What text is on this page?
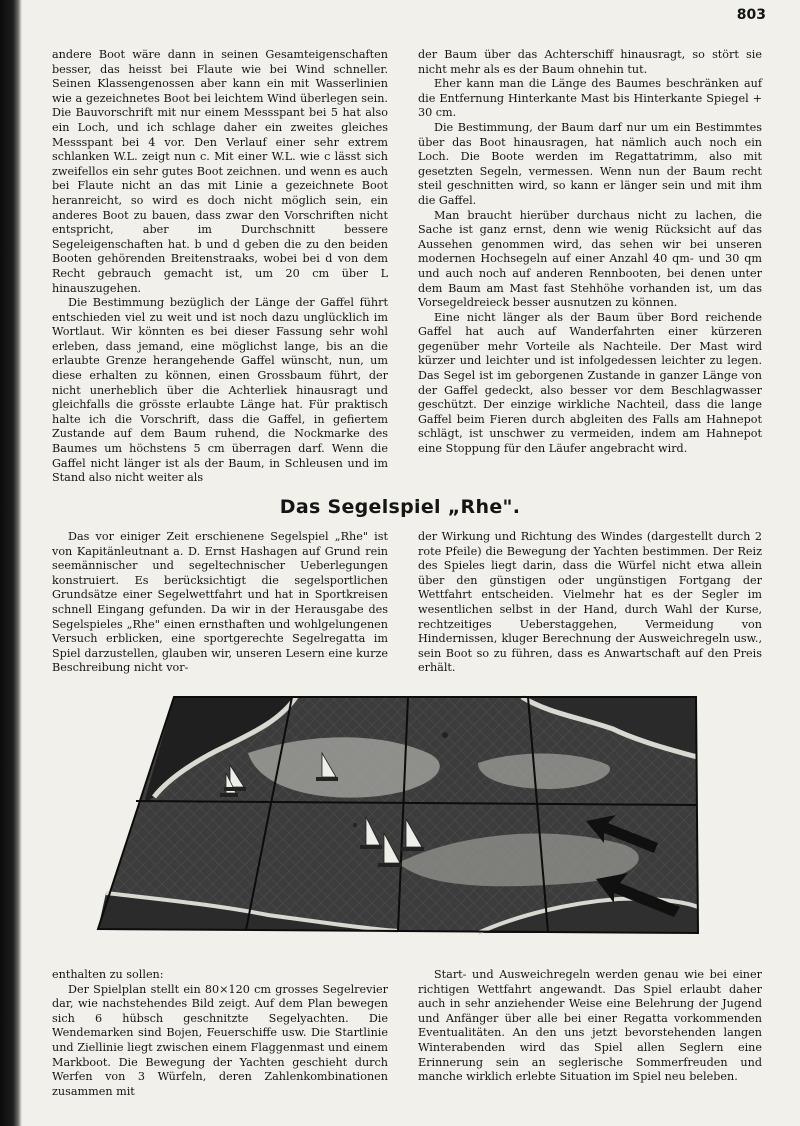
803

andere Boot wäre dann in seinen Gesamteigenschaften besser, das heisst bei Flaute wie bei Wind schneller. Seinen Klassengenossen aber kann ein mit Wasserlinien wie a gezeichnetes Boot bei leichtem Wind überlegen sein. Die Bauvorschrift mit nur einem Messspant bei 5 hat also ein Loch, und ich schlage daher ein zweites gleiches Messspant bei 4 vor. Den Verlauf einer sehr extrem schlanken W.L. zeigt nun c. Mit einer W.L. wie c lässt sich zweifellos ein sehr gutes Boot zeichnen. und wenn es auch bei Flaute nicht an das mit Linie a gezeichnete Boot heranreicht, so wird es doch nicht möglich sein, ein anderes Boot zu bauen, dass zwar den Vorschriften nicht entspricht, aber im Durchschnitt bessere Segeleigenschaften hat. b und d geben die zu den beiden Booten gehörenden Breitenstraaks, wobei bei d von dem Recht gebrauch gemacht ist, um 20 cm über L hinauszugehen.

Die Bestimmung bezüglich der Länge der Gaffel führt entschieden viel zu weit und ist noch dazu unglücklich im Wortlaut. Wir könnten es bei dieser Fassung sehr wohl erleben, dass jemand, eine möglichst lange, bis an die erlaubte Grenze herangehende Gaffel wünscht, nun, um diese erhalten zu können, einen Grossbaum führt, der nicht unerheblich über die Achterliek hinausragt und gleichfalls die grösste erlaubte Länge hat. Für praktisch halte ich die Vorschrift, dass die Gaffel, in gefiertem Zustande auf dem Baum ruhend, die Nockmarke des Baumes um höchstens 5 cm überragen darf. Wenn die Gaffel nicht länger ist als der Baum, in Schleusen und im Stand also nicht weiter als

der Baum über das Achterschiff hinausragt, so stört sie nicht mehr als es der Baum ohnehin tut.

Eher kann man die Länge des Baumes beschränken auf die Entfernung Hinterkante Mast bis Hinterkante Spiegel + 30 cm.

Die Bestimmung, der Baum darf nur um ein Bestimmtes über das Boot hinausragen, hat nämlich auch noch ein Loch. Die Boote werden im Regattatrimm, also mit gesetzten Segeln, vermessen. Wenn nun der Baum recht steil geschnitten wird, so kann er länger sein und mit ihm die Gaffel.

Man braucht hierüber durchaus nicht zu lachen, die Sache ist ganz ernst, denn wie wenig Rücksicht auf das Aussehen genommen wird, das sehen wir bei unseren modernen Hochsegeln auf einer Anzahl 40 qm- und 30 qm und auch noch auf anderen Rennbooten, bei denen unter dem Baum am Mast fast Stehhöhe vorhanden ist, um das Vorsegeldreieck besser ausnutzen zu können.

Eine nicht länger als der Baum über Bord reichende Gaffel hat auch auf Wanderfahrten einer kürzeren gegenüber mehr Vorteile als Nachteile. Der Mast wird kürzer und leichter und ist infolgedessen leichter zu legen. Das Segel ist im geborgenen Zustande in ganzer Länge von der Gaffel gedeckt, also besser vor dem Beschlagwasser geschützt. Der einzige wirkliche Nachteil, dass die lange Gaffel beim Fieren durch abgleiten des Falls am Hahnepot schlägt, ist unschwer zu vermeiden, indem am Hahnepot eine Stoppung für den Läufer angebracht wird.

Das Segelspiel „Rhe".

Das vor einiger Zeit erschienene Segelspiel „Rhe" ist von Kapitänleutnant a. D. Ernst Hashagen auf Grund rein seemännischer und segeltechnischer Ueberlegungen konstruiert. Es berücksichtigt die segelsportlichen Grundsätze einer Segelwettfahrt und hat in Sportkreisen schnell Eingang gefunden. Da wir in der Herausgabe des Segelspieles „Rhe" einen ernsthaften und wohlgelungenen Versuch erblicken, eine sportgerechte Segelregatta im Spiel darzustellen, glauben wir, unseren Lesern eine kurze Beschreibung nicht vor-

der Wirkung und Richtung des Windes (dargestellt durch 2 rote Pfeile) die Bewegung der Yachten bestimmen. Der Reiz des Spieles liegt darin, dass die Würfel nicht etwa allein über den günstigen oder ungünstigen Fortgang der Wettfahrt entscheiden. Vielmehr hat es der Segler im wesentlichen selbst in der Hand, durch Wahl der Kurse, rechtzeitiges Ueberstaggehen, Vermeidung von Hindernissen, kluger Berechnung der Ausweichregeln usw., sein Boot so zu führen, dass es Anwartschaft auf den Preis erhält.

enthalten zu sollen:

Der Spielplan stellt ein 80×120 cm grosses Segelrevier dar, wie nachstehendes Bild zeigt. Auf dem Plan bewegen sich 6 hübsch geschnitzte Segelyachten. Die Wendemarken sind Bojen, Feuerschiffe usw. Die Startlinie und Ziellinie liegt zwischen einem Flaggenmast und einem Markboot. Die Bewegung der Yachten geschieht durch Werfen von 3 Würfeln, deren Zahlenkombinationen zusammen mit

Start- und Ausweichregeln werden genau wie bei einer richtigen Wettfahrt angewandt. Das Spiel erlaubt daher auch in sehr anziehender Weise eine Belehrung der Jugend und Anfänger über alle bei einer Regatta vorkommenden Eventualitäten. An den uns jetzt bevorstehenden langen Winterabenden wird das Spiel allen Seglern eine Erinnerung sein an seglerische Sommerfreuden und manche wirklich erlebte Situation im Spiel neu beleben.
